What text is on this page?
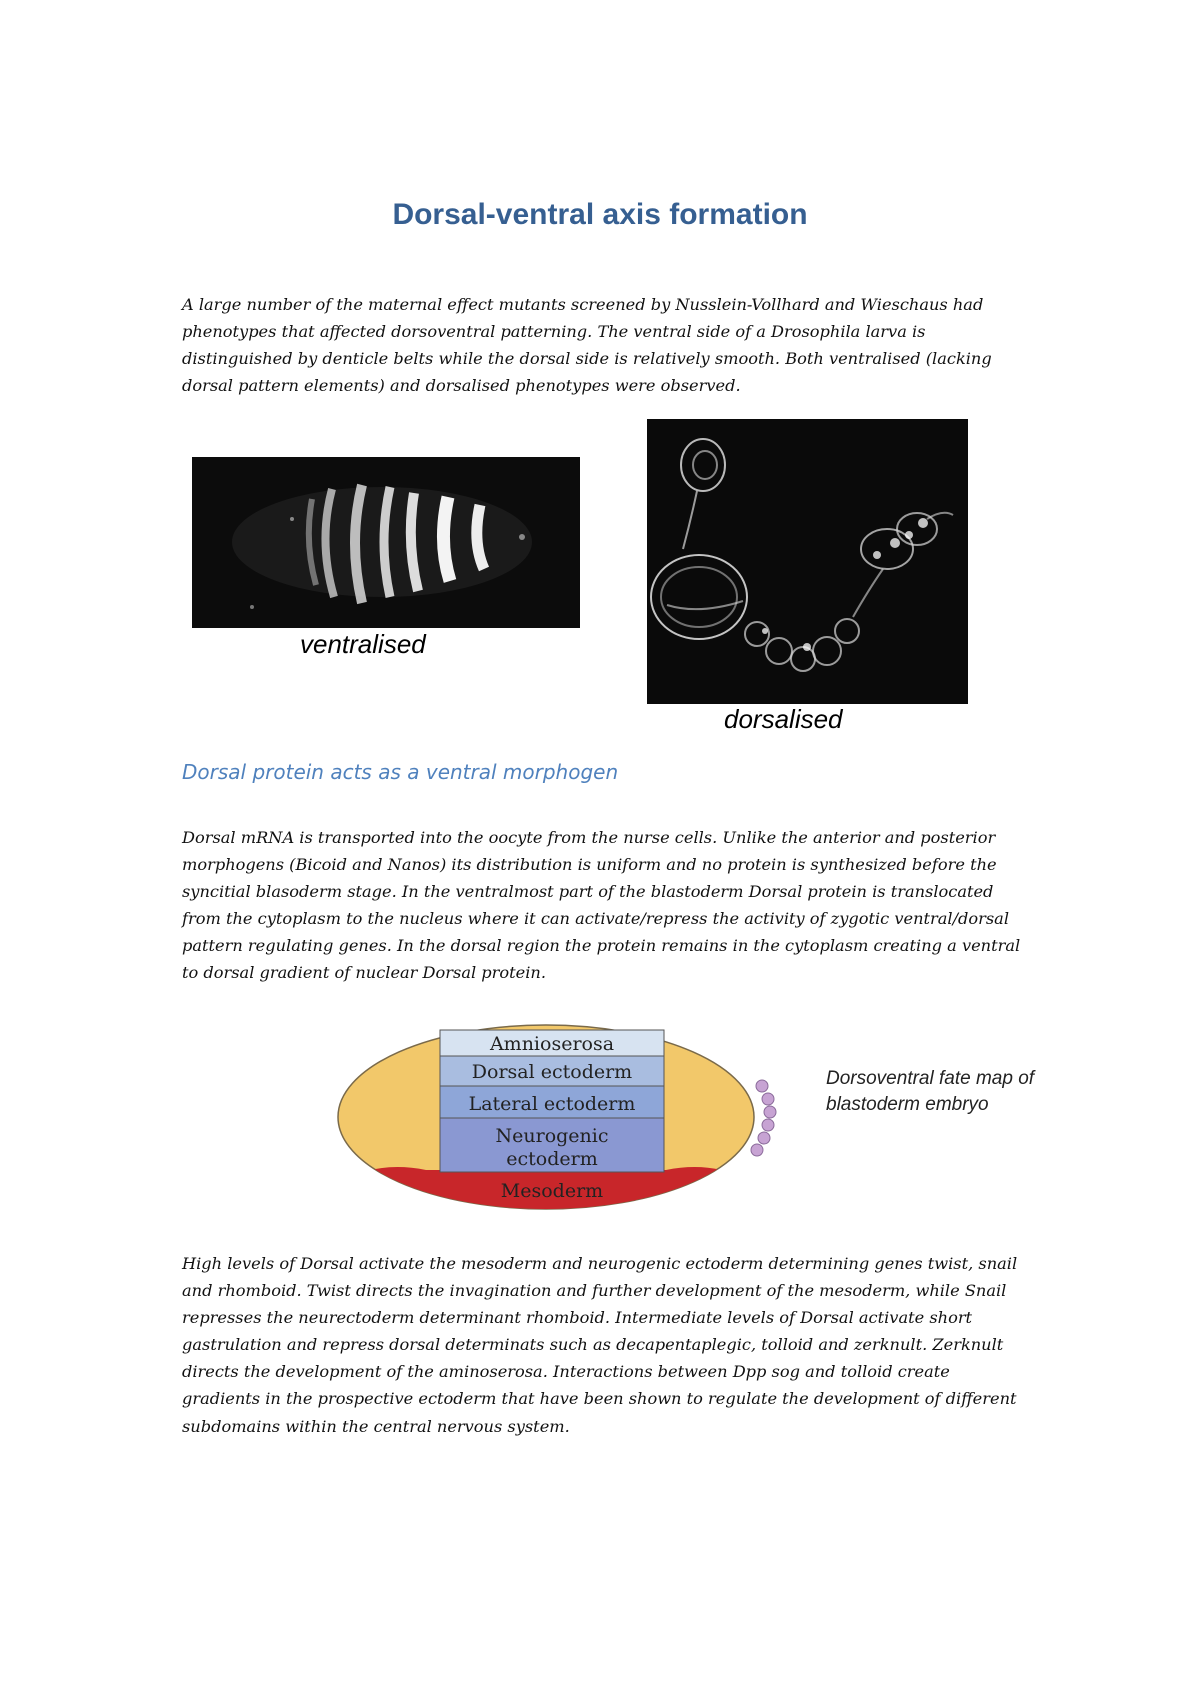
Dorsal-ventral axis formation

A large number of the maternal effect mutants screened by Nusslein-Vollhard and Wieschaus had phenotypes that affected dorsoventral patterning. The ventral side of a Drosophila larva is distinguished by denticle belts while the dorsal side is relatively smooth. Both ventralised (lacking dorsal pattern elements) and dorsalised phenotypes were observed.

ventralised

dorsalised

Dorsal protein acts as a ventral morphogen

Dorsal mRNA is transported into the oocyte from the nurse cells. Unlike the anterior and posterior morphogens (Bicoid and Nanos) its distribution is uniform and no protein is synthesized before the syncitial blasoderm stage. In the ventralmost part of the blastoderm Dorsal protein is translocated from the cytoplasm to the nucleus where it can activate/repress the activity of zygotic ventral/dorsal pattern regulating genes. In the dorsal region the protein remains in the cytoplasm creating a ventral to dorsal gradient of nuclear Dorsal protein.

Amnioserosa
Dorsal ectoderm
Lateral ectoderm
Neurogenic
ectoderm
Mesoderm

Dorsoventral fate map of blastoderm embryo

High levels of Dorsal activate the mesoderm and neurogenic ectoderm determining genes twist, snail and rhomboid. Twist directs the invagination and further development of the mesoderm, while Snail represses the neurectoderm determinant rhomboid. Intermediate levels of Dorsal activate short gastrulation and repress dorsal determinats such as decapentaplegic, tolloid and zerknult. Zerknult directs the development of the aminoserosa. Interactions between Dpp sog and tolloid create gradients in the prospective ectoderm that have been shown to regulate the development of different subdomains within the central nervous system.
